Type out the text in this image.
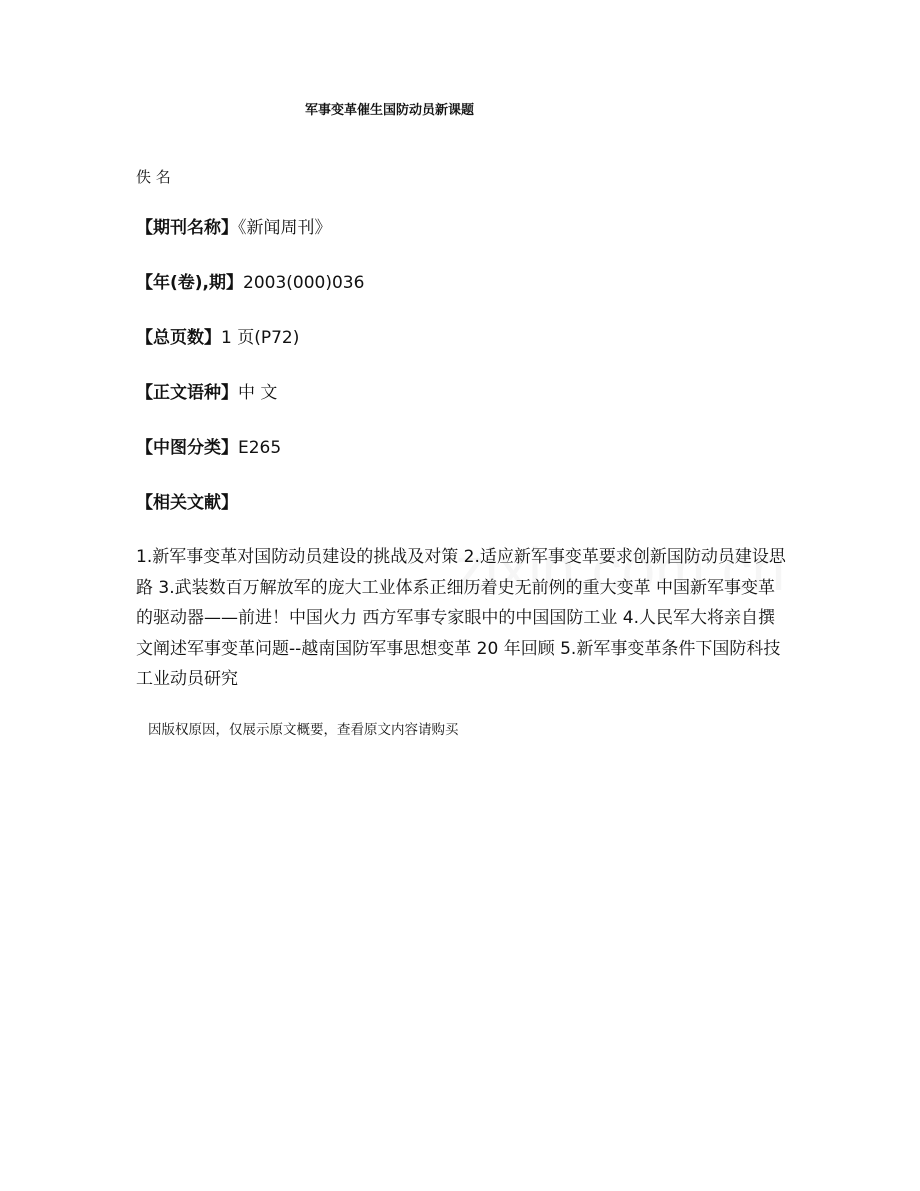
军事变革催生国防动员新课题
佚 名
【期刊名称】《新闻周刊》
【年(卷),期】2003(000)036
【总页数】1 页(P72)
【正文语种】中 文
【中图分类】E265
【相关文献】
1.新军事变革对国防动员建设的挑战及对策 2.适应新军事变革要求创新国防动员建设思路 3.武装数百万解放军的庞大工业体系正细历着史无前例的重大变革 中国新军事变革的驱动器——前进！中国火力 西方军事专家眼中的中国国防工业 4.人民军大将亲自撰文阐述军事变革问题--越南国防军事思想变革 20 年回顾 5.新军事变革条件下国防科技工业动员研究
因版权原因，仅展示原文概要，查看原文内容请购买
